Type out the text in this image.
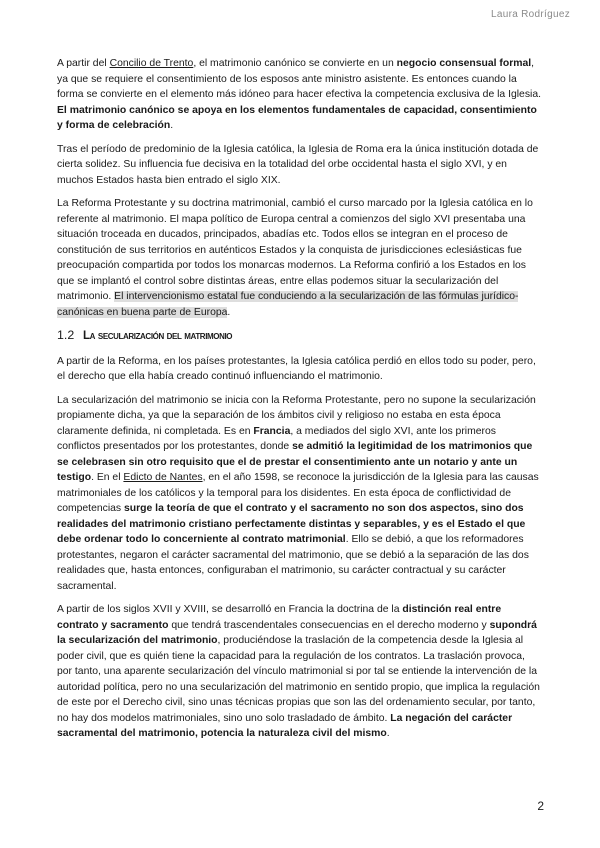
Laura Rodríguez

A partir del Concilio de Trento, el matrimonio canónico se convierte en un negocio consensual formal, ya que se requiere el consentimiento de los esposos ante ministro asistente. Es entonces cuando la forma se convierte en el elemento más idóneo para hacer efectiva la competencia exclusiva de la Iglesia. El matrimonio canónico se apoya en los elementos fundamentales de capacidad, consentimiento y forma de celebración.

Tras el período de predominio de la Iglesia católica, la Iglesia de Roma era la única institución dotada de cierta solidez. Su influencia fue decisiva en la totalidad del orbe occidental hasta el siglo XVI, y en muchos Estados hasta bien entrado el siglo XIX.

La Reforma Protestante y su doctrina matrimonial, cambió el curso marcado por la Iglesia católica en lo referente al matrimonio. El mapa político de Europa central a comienzos del siglo XVI presentaba una situación troceada en ducados, principados, abadías etc. Todos ellos se integran en el proceso de constitución de sus territorios en auténticos Estados y la conquista de jurisdicciones eclesiásticas fue preocupación compartida por todos los monarcas modernos. La Reforma confirió a los Estados en los que se implantó el control sobre distintas áreas, entre ellas podemos situar la secularización del matrimonio. El intervencionismo estatal fue conduciendo a la secularización de las fórmulas jurídico-canónicas en buena parte de Europa.

1.2 La secularización del matrimonio

A partir de la Reforma, en los países protestantes, la Iglesia católica perdió en ellos todo su poder, pero, el derecho que ella había creado continuó influenciando el matrimonio.

La secularización del matrimonio se inicia con la Reforma Protestante, pero no supone la secularización propiamente dicha, ya que la separación de los ámbitos civil y religioso no estaba en esta época claramente definida, ni completada. Es en Francia, a mediados del siglo XVI, ante los primeros conflictos presentados por los protestantes, donde se admitió la legitimidad de los matrimonios que se celebrasen sin otro requisito que el de prestar el consentimiento ante un notario y ante un testigo. En el Edicto de Nantes, en el año 1598, se reconoce la jurisdicción de la Iglesia para las causas matrimoniales de los católicos y la temporal para los disidentes. En esta época de conflictividad de competencias surge la teoría de que el contrato y el sacramento no son dos aspectos, sino dos realidades del matrimonio cristiano perfectamente distintas y separables, y es el Estado el que debe ordenar todo lo concerniente al contrato matrimonial. Ello se debió, a que los reformadores protestantes, negaron el carácter sacramental del matrimonio, que se debió a la separación de las dos realidades que, hasta entonces, configuraban el matrimonio, su carácter contractual y su carácter sacramental.

A partir de los siglos XVII y XVIII, se desarrolló en Francia la doctrina de la distinción real entre contrato y sacramento que tendrá trascendentales consecuencias en el derecho moderno y supondrá la secularización del matrimonio, produciéndose la traslación de la competencia desde la Iglesia al poder civil, que es quién tiene la capacidad para la regulación de los contratos. La traslación provoca, por tanto, una aparente secularización del vínculo matrimonial si por tal se entiende la intervención de la autoridad política, pero no una secularización del matrimonio en sentido propio, que implica la regulación de este por el Derecho civil, sino unas técnicas propias que son las del ordenamiento secular, por tanto, no hay dos modelos matrimoniales, sino uno solo trasladado de ámbito. La negación del carácter sacramental del matrimonio, potencia la naturaleza civil del mismo.

2
